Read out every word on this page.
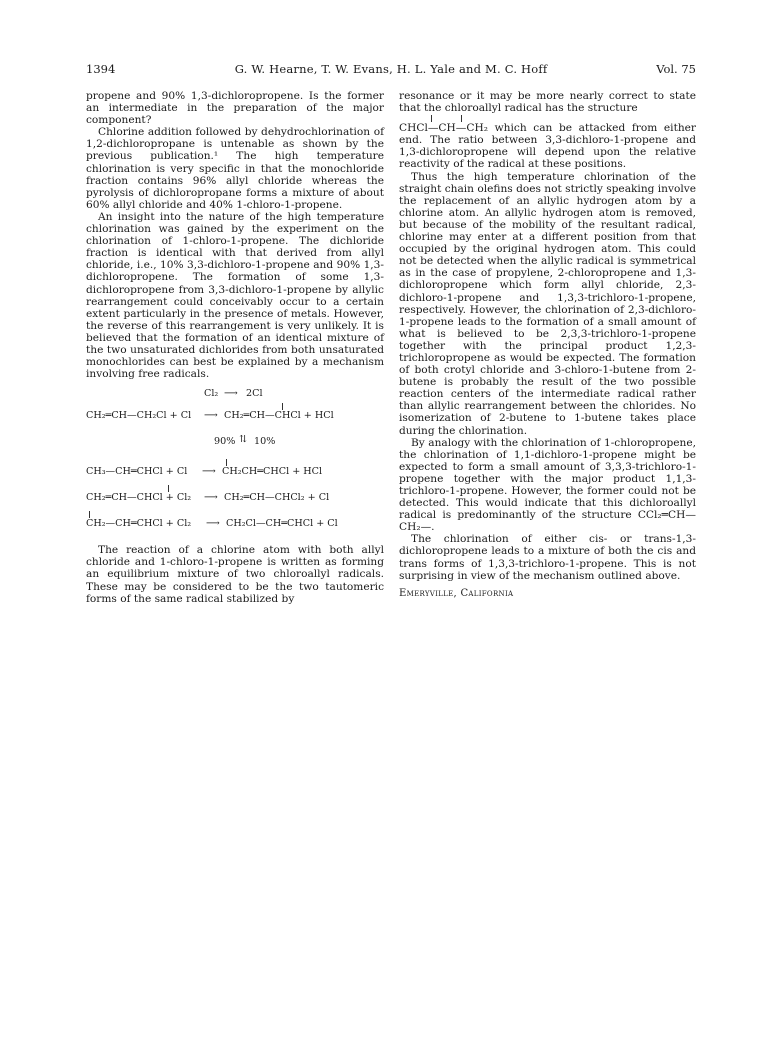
1394	G. W. Hearne, T. W. Evans, H. L. Yale and M. C. Hoff	Vol. 75

propene and 90% 1,3-dichloropropene. Is the former an intermediate in the preparation of the major component?

Chlorine addition followed by dehydrochlorination of 1,2-dichloropropane is untenable as shown by the previous publication.¹ The high temperature chlorination is very specific in that the monochloride fraction contains 96% allyl chloride whereas the pyrolysis of dichloropropane forms a mixture of about 60% allyl chloride and 40% 1-chloro-1-propene.

An insight into the nature of the high temperature chlorination was gained by the experiment on the chlorination of 1-chloro-1-propene. The dichloride fraction is identical with that derived from allyl chloride, i.e., 10% 3,3-dichloro-1-propene and 90% 1,3-dichloropropene. The formation of some 1,3-dichloropropene from 3,3-dichloro-1-propene by allylic rearrangement could conceivably occur to a certain extent particularly in the presence of metals. However, the reverse of this rearrangement is very unlikely. It is believed that the formation of an identical mixture of the two unsaturated dichlorides from both unsaturated monochlorides can best be explained by a mechanism involving free radicals.

Cl₂ ⟶ 2Cl
CH₂═CH—CH₂Cl + Cl ⟶ CH₂═CH—CHCl + HCl
90% ⇅ 10%
CH₃—CH═CHCl + Cl ⟶ CH₂CH═CHCl + HCl
CH₂═CH—CHCl + Cl₂ ⟶ CH₂═CH—CHCl₂ + Cl
CH₂—CH═CHCl + Cl₂ ⟶ CH₂Cl—CH═CHCl + Cl

The reaction of a chlorine atom with both allyl chloride and 1-chloro-1-propene is written as forming an equilibrium mixture of two chloroallyl radicals. These may be considered to be the two tautomeric forms of the same radical stabilized by

resonance or it may be more nearly correct to state that the chloroallyl radical has the structure

CHCl—CH—CH₂ which can be attacked from either end. The ratio between 3,3-dichloro-1-propene and 1,3-dichloropropene will depend upon the relative reactivity of the radical at these positions.

Thus the high temperature chlorination of the straight chain olefins does not strictly speaking involve the replacement of an allylic hydrogen atom by a chlorine atom. An allylic hydrogen atom is removed, but because of the mobility of the resultant radical, chlorine may enter at a different position from that occupied by the original hydrogen atom. This could not be detected when the allylic radical is symmetrical as in the case of propylene, 2-chloropropene and 1,3-dichloropropene which form allyl chloride, 2,3-dichloro-1-propene and 1,3,3-trichloro-1-propene, respectively. However, the chlorination of 2,3-dichloro-1-propene leads to the formation of a small amount of what is believed to be 2,3,3-trichloro-1-propene together with the principal product 1,2,3-trichloropropene as would be expected. The formation of both crotyl chloride and 3-chloro-1-butene from 2-butene is probably the result of the two possible reaction centers of the intermediate radical rather than allylic rearrangement between the chlorides. No isomerization of 2-butene to 1-butene takes place during the chlorination.

By analogy with the chlorination of 1-chloropropene, the chlorination of 1,1-dichloro-1-propene might be expected to form a small amount of 3,3,3-trichloro-1-propene together with the major product 1,1,3-trichloro-1-propene. However, the former could not be detected. This would indicate that this dichloroallyl radical is predominantly of the structure CCl₂═CH—CH₂—.

The chlorination of either cis- or trans-1,3-dichloropropene leads to a mixture of both the cis and trans forms of 1,3,3-trichloro-1-propene. This is not surprising in view of the mechanism outlined above.

Emeryville, California
